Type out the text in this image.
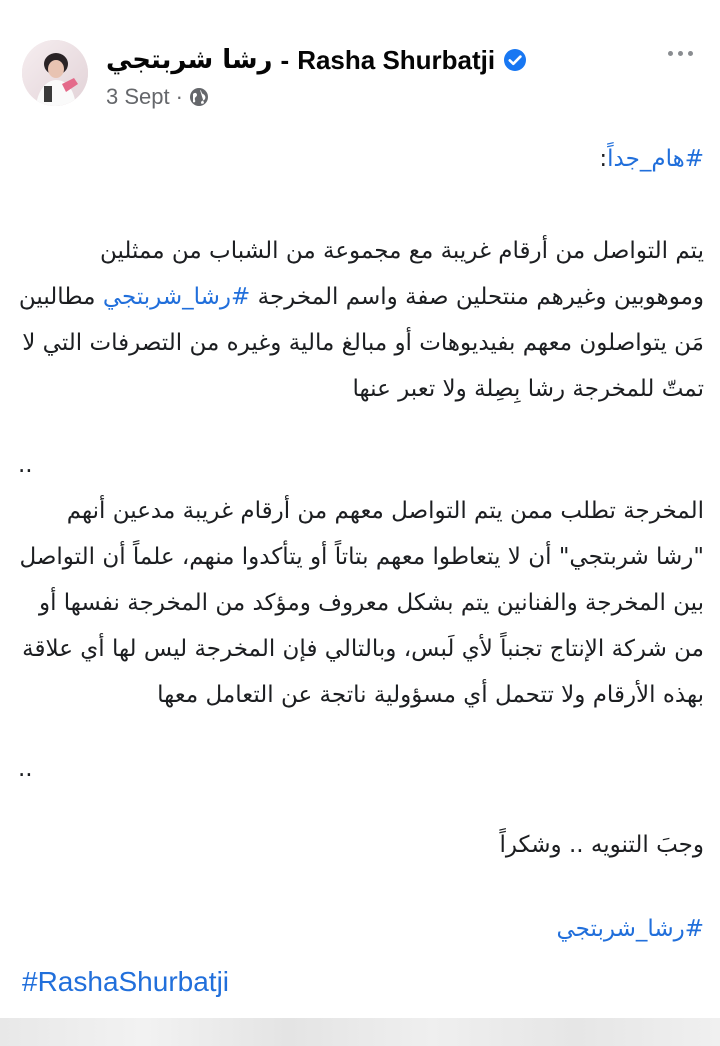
رشا شربتجي - Rasha Shurbatji
3 Sept ·

#هام_جداً:

يتم التواصل من أرقام غريبة مع مجموعة من الشباب من ممثلين وموهوبين وغيرهم منتحلين صفة واسم المخرجة #رشا_شربتجي مطالبين مَن يتواصلون معهم بفيديوهات أو مبالغ مالية وغيره من التصرفات التي لا تمتّ للمخرجة رشا بِصِلة ولا تعبر عنها

..

المخرجة تطلب ممن يتم التواصل معهم من أرقام غريبة مدعين أنهم "رشا شربتجي" أن لا يتعاطوا معهم بتاتاً أو يتأكدوا منهم، علماً أن التواصل بين المخرجة والفنانين يتم بشكل معروف ومؤكد من المخرجة نفسها أو من شركة الإنتاج تجنباً لأي لَبس، وبالتالي فإن المخرجة ليس لها أي علاقة بهذه الأرقام ولا تتحمل أي مسؤولية ناتجة عن التعامل معها

..

وجبَ التنويه .. وشكراً

#رشا_شربتجي

#RashaShurbatji
